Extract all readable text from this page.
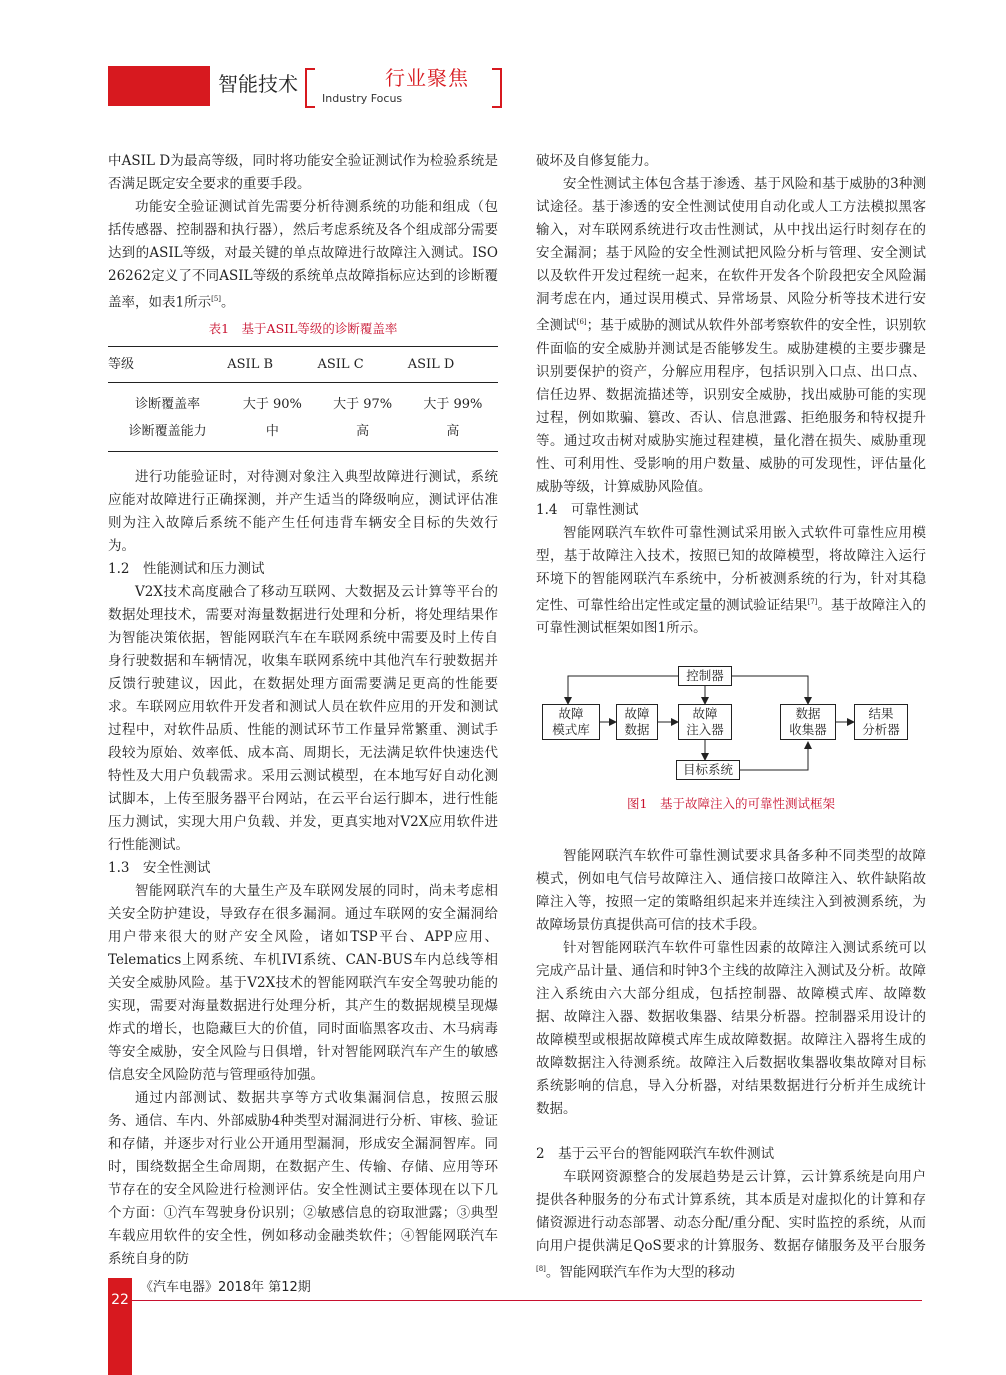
智能技术	行业聚焦
Industry Focus

中ASIL D为最高等级，同时将功能安全验证测试作为检验系统是否满足既定安全要求的重要手段。

功能安全验证测试首先需要分析待测系统的功能和组成（包括传感器、控制器和执行器），然后考虑系统及各个组成部分需要达到的ASIL等级，对最关键的单点故障进行故障注入测试。ISO 26262定义了不同ASIL等级的系统单点故障指标应达到的诊断覆盖率，如表1所示[5]。

表1　基于ASIL等级的诊断覆盖率
等级	ASIL B	ASIL C	ASIL D
诊断覆盖率	大于 90%	大于 97%	大于 99%
诊断覆盖能力	中	高	高

进行功能验证时，对待测对象注入典型故障进行测试，系统应能对故障进行正确探测，并产生适当的降级响应，测试评估准则为注入故障后系统不能产生任何违背车辆安全目标的失效行为。

1.2　性能测试和压力测试

V2X技术高度融合了移动互联网、大数据及云计算等平台的数据处理技术，需要对海量数据进行处理和分析，将处理结果作为智能决策依据，智能网联汽车在车联网系统中需要及时上传自身行驶数据和车辆情况，收集车联网系统中其他汽车行驶数据并反馈行驶建议，因此，在数据处理方面需要满足更高的性能要求。车联网应用软件开发者和测试人员在软件应用的开发和测试过程中，对软件品质、性能的测试环节工作量异常繁重、测试手段较为原始、效率低、成本高、周期长，无法满足软件快速迭代特性及大用户负载需求。采用云测试模型，在本地写好自动化测试脚本，上传至服务器平台网站，在云平台运行脚本，进行性能压力测试，实现大用户负载、并发，更真实地对V2X应用软件进行性能测试。

1.3　安全性测试

智能网联汽车的大量生产及车联网发展的同时，尚未考虑相关安全防护建设，导致存在很多漏洞。通过车联网的安全漏洞给用户带来很大的财产安全风险，诸如TSP平台、APP应用、Telematics上网系统、车机IVI系统、CAN-BUS车内总线等相关安全威胁风险。基于V2X技术的智能网联汽车安全驾驶功能的实现，需要对海量数据进行处理分析，其产生的数据规模呈现爆炸式的增长，也隐藏巨大的价值，同时面临黑客攻击、木马病毒等安全威胁，安全风险与日俱增，针对智能网联汽车产生的敏感信息安全风险防范与管理亟待加强。

通过内部测试、数据共享等方式收集漏洞信息，按照云服务、通信、车内、外部威胁4种类型对漏洞进行分析、审核、验证和存储，并逐步对行业公开通用型漏洞，形成安全漏洞智库。同时，围绕数据全生命周期，在数据产生、传输、存储、应用等环节存在的安全风险进行检测评估。安全性测试主要体现在以下几个方面：①汽车驾驶身份识别；②敏感信息的窃取泄露；③典型车载应用软件的安全性，例如移动金融类软件；④智能网联汽车系统自身的防

破坏及自修复能力。

安全性测试主体包含基于渗透、基于风险和基于威胁的3种测试途径。基于渗透的安全性测试使用自动化或人工方法模拟黑客输入，对车联网系统进行攻击性测试，从中找出运行时刻存在的安全漏洞；基于风险的安全性测试把风险分析与管理、安全测试以及软件开发过程统一起来，在软件开发各个阶段把安全风险漏洞考虑在内，通过误用模式、异常场景、风险分析等技术进行安全测试[6]；基于威胁的测试从软件外部考察软件的安全性，识别软件面临的安全威胁并测试是否能够发生。威胁建模的主要步骤是识别要保护的资产，分解应用程序，包括识别入口点、出口点、信任边界、数据流描述等，识别安全威胁，找出威胁可能的实现过程，例如欺骗、篡改、否认、信息泄露、拒绝服务和特权提升等。通过攻击树对威胁实施过程建模，量化潜在损失、威胁重现性、可利用性、受影响的用户数量、威胁的可发现性，评估量化威胁等级，计算威胁风险值。

1.4　可靠性测试

智能网联汽车软件可靠性测试采用嵌入式软件可靠性应用模型，基于故障注入技术，按照已知的故障模型，将故障注入运行环境下的智能网联汽车系统中，分析被测系统的行为，针对其稳定性、可靠性给出定性或定量的测试验证结果[7]。基于故障注入的可靠性测试框架如图1所示。

控制器
故障
模式库
故障
数据
故障
注入器
数据
收集器
结果
分析器
目标系统
图1　基于故障注入的可靠性测试框架

智能网联汽车软件可靠性测试要求具备多种不同类型的故障模式，例如电气信号故障注入、通信接口故障注入、软件缺陷故障注入等，按照一定的策略组织起来并连续注入到被测系统，为故障场景仿真提供高可信的技术手段。

针对智能网联汽车软件可靠性因素的故障注入测试系统可以完成产品计量、通信和时钟3个主线的故障注入测试及分析。故障注入系统由六大部分组成，包括控制器、故障模式库、故障数据、故障注入器、数据收集器、结果分析器。控制器采用设计的故障模型或根据故障模式库生成故障数据。故障注入器将生成的故障数据注入待测系统。故障注入后数据收集器收集故障对目标系统影响的信息，导入分析器，对结果数据进行分析并生成统计数据。

2　基于云平台的智能网联汽车软件测试

车联网资源整合的发展趋势是云计算，云计算系统是向用户提供各种服务的分布式计算系统，其本质是对虚拟化的计算和存储资源进行动态部署、动态分配/重分配、实时监控的系统，从而向用户提供满足QoS要求的计算服务、数据存储服务及平台服务[8]。智能网联汽车作为大型的移动

《汽车电器》2018年 第12期
22
